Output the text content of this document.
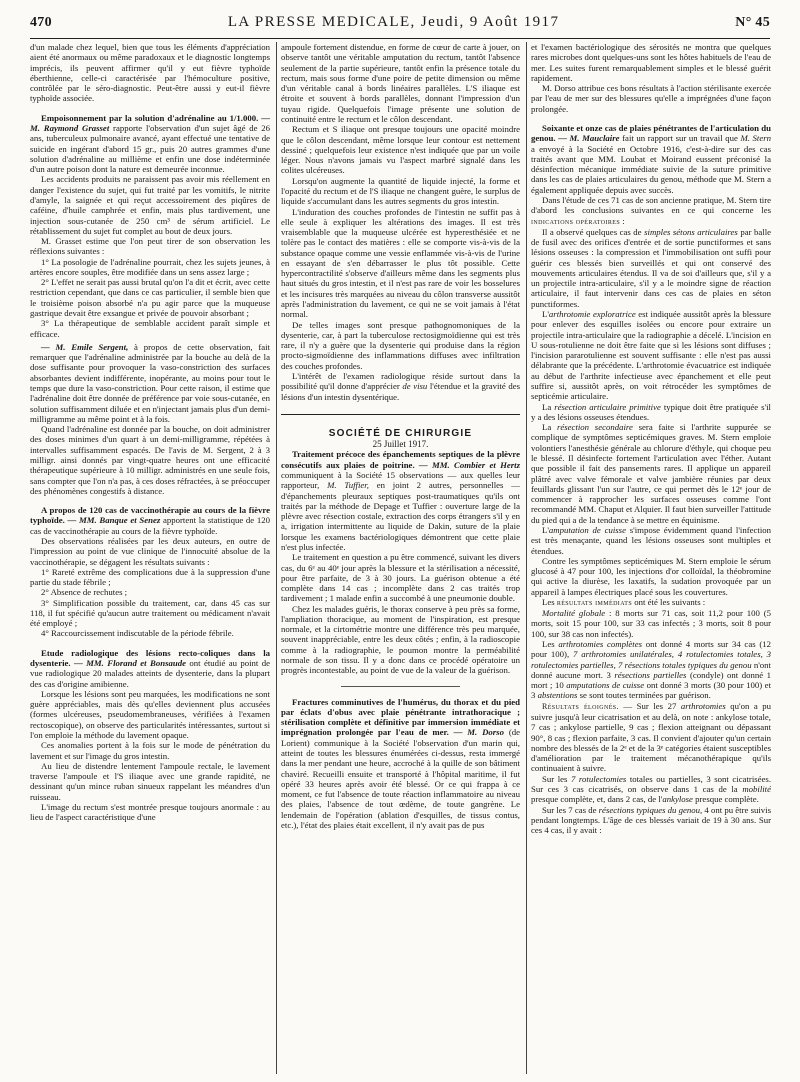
470	LA PRESSE MEDICALE, Jeudi, 9 Août 1917	N° 45

d'un malade chez lequel, bien que tous les éléments d'appréciation aient été anormaux ou même paradoxaux et le diagnostic longtemps imprécis, ils peuvent affirmer qu'il y eut fièvre typhoïde éberthienne, celle-ci caractérisée par l'hémoculture positive, contrôlée par le séro-diagnostic. Peut-être aussi y eut-il fièvre typhoïde associée.

Empoisonnement par la solution d'adrénaline au 1/1.000. — M. Raymond Grasset rapporte l'observation d'un sujet âgé de 26 ans, tuberculeux pulmonaire avancé, ayant effectué une tentative de suicide en ingérant d'abord 15 gr., puis 20 autres grammes d'une solution d'adrénaline au millième et enfin une dose indéterminée d'un autre poison dont la nature est demeurée inconnue.

Les accidents produits ne paraissent pas avoir mis réellement en danger l'existence du sujet, qui fut traité par les vomitifs, le nitrite d'amyle, la saignée et qui reçut accessoirement des piqûres de caféine, d'huile camphrée et enfin, mais plus tardivement, une injection sous-cutanée de 250 cm³ de sérum artificiel. Le rétablissement du sujet fut complet au bout de deux jours.

M. Grasset estime que l'on peut tirer de son observation les réflexions suivantes :

1° La posologie de l'adrénaline pourrait, chez les sujets jeunes, à artères encore souples, être modifiée dans un sens assez large ;

2° L'effet ne serait pas aussi brutal qu'on l'a dit et écrit, avec cette restriction cependant, que dans ce cas particulier, il semble bien que le troisième poison absorbé n'a pu agir parce que la muqueuse gastrique devait être exsangue et privée de pouvoir absorbant ;

3° La thérapeutique de semblable accident paraît simple et efficace.

— M. Emile Sergent, à propos de cette observation, fait remarquer que l'adrénaline administrée par la bouche au delà de la dose suffisante pour provoquer la vaso-constriction des surfaces absorbantes devient indifférente, inopérante, au moins pour tout le temps que dure la vaso-constriction. Pour cette raison, il estime que l'adrénaline doit être donnée de préférence par voie sous-cutanée, en solution suffisamment diluée et en n'injectant jamais plus d'un demi-milligramme au même point et à la fois.

Quand l'adrénaline est donnée par la bouche, on doit administrer des doses minimes d'un quart à un demi-milligramme, répétées à intervalles suffisamment espacés. De l'avis de M. Sergent, 2 à 3 milligr. ainsi donnés par vingt-quatre heures ont une efficacité thérapeutique supérieure à 10 milligr. administrés en une seule fois, sans compter que l'on n'a pas, à ces doses réfractées, à se préoccuper des phénomènes congestifs à distance.

A propos de 120 cas de vaccinothérapie au cours de la fièvre typhoïde. — MM. Banque et Senez apportent la statistique de 120 cas de vaccinothérapie au cours de la fièvre typhoïde.

Des observations réalisées par les deux auteurs, en outre de l'impression au point de vue clinique de l'innocuité absolue de la vaccinothérapie, se dégagent les résultats suivants :

1° Rareté extrême des complications due à la suppression d'une partie du stade fébrile ;

2° Absence de rechutes ;

3° Simplification possible du traitement, car, dans 45 cas sur 118, il fut spécifié qu'aucun autre traitement ou médicament n'avait été employé ;

4° Raccourcissement indiscutable de la période fébrile.

Etude radiologique des lésions recto-coliques dans la dysenterie. — MM. Florand et Bonsaude ont étudié au point de vue radiologique 20 malades atteints de dysenterie, dans la plupart des cas d'origine amibienne.

Lorsque les lésions sont peu marquées, les modifications ne sont guère appréciables, mais dès qu'elles deviennent plus accusées (formes ulcéreuses, pseudomembraneuses, vérifiées à l'examen rectoscopique), on observe des particularités intéressantes, surtout si l'on emploie la méthode du lavement opaque.

Ces anomalies portent à la fois sur le mode de pénétration du lavement et sur l'image du gros intestin.

Au lieu de distendre lentement l'ampoule rectale, le lavement traverse l'ampoule et l'S iliaque avec une grande rapidité, ne dessinant qu'un mince ruban sinueux rappelant les méandres d'un ruisseau.

L'image du rectum s'est montrée presque toujours anormale : au lieu de l'aspect caractéristique d'une

ampoule fortement distendue, en forme de cœur de carte à jouer, on observe tantôt une véritable amputation du rectum, tantôt l'absence seulement de la partie supérieure, tantôt enfin la présence totale du rectum, mais sous forme d'une poire de petite dimension ou même d'un véritable canal à bords linéaires parallèles. L'S iliaque est étroite et souvent à bords parallèles, donnant l'impression d'un tuyau rigide. Quelquefois l'image présente une solution de continuité entre le rectum et le côlon descendant.

Rectum et S iliaque ont presque toujours une opacité moindre que le côlon descendant, même lorsque leur contour est nettement dessiné ; quelquefois leur existence n'est indiquée que par un voile léger. Nous n'avons jamais vu l'aspect marbré signalé dans les colites ulcéreuses.

Lorsqu'on augmente la quantité de liquide injecté, la forme et l'opacité du rectum et de l'S iliaque ne changent guère, le surplus de liquide s'accumulant dans les autres segments du gros intestin.

L'induration des couches profondes de l'intestin ne suffit pas à elle seule à expliquer les altérations des images. Il est très vraisemblable que la muqueuse ulcérée est hyperesthésiée et ne tolère pas le contact des matières : elle se comporte vis-à-vis de la substance opaque comme une vessie enflammée vis-à-vis de l'urine en essayant de s'en débarrasser le plus tôt possible. Cette hypercontractilité s'observe d'ailleurs même dans les segments plus haut situés du gros intestin, et il n'est pas rare de voir les bosselures et les incisures très marquées au niveau du côlon transverse aussitôt après l'administration du lavement, ce qui ne se voit jamais à l'état normal.

De telles images sont presque pathognomoniques de la dysenterie, car, à part la tuberculose rectosigmoïdienne qui est très rare, il n'y a guère que la dysenterie qui produise dans la région procto-sigmoïdienne des inflammations diffuses avec infiltration des couches profondes.

L'intérêt de l'examen radiologique réside surtout dans la possibilité qu'il donne d'apprécier de visu l'étendue et la gravité des lésions d'un intestin dysentérique.

SOCIÉTÉ DE CHIRURGIE

25 Juillet 1917.

Traitement précoce des épanchements septiques de la plèvre consécutifs aux plaies de poitrine. — MM. Combier et Hertz communiquent à la Société 15 observations — aux quelles leur rapporteur, M. Tuffier, en joint 2 autres, personnelles — d'épanchements pleuraux septiques post-traumatiques qu'ils ont traités par la méthode de Depage et Tuffier : ouverture large de la plèvre avec résection costale, extraction des corps étrangers s'il y en a, irrigation intermittente au liquide de Dakin, suture de la plaie lorsque les examens bactériologiques démontrent que cette plaie n'est plus infectée.

Le traitement en question a pu être commencé, suivant les divers cas, du 6ᵉ au 40ᵉ jour après la blessure et la stérilisation a nécessité, pour être parfaite, de 3 à 30 jours. La guérison obtenue a été complète dans 14 cas ; incomplète dans 2 cas traités trop tardivement ; 1 malade enfin a succombé à une pneumonie double.

Chez les malades guéris, le thorax conserve à peu près sa forme, l'ampliation thoracique, au moment de l'inspiration, est presque normale, et la cirtométrie montre une différence très peu marquée, souvent inappréciable, entre les deux côtés ; enfin, à la radioscopie comme à la radiographie, le poumon montre la perméabilité normale de son tissu. Il y a donc dans ce procédé opératoire un progrès incontestable, au point de vue de la valeur de la guérison.

Fractures comminutives de l'humérus, du thorax et du pied par éclats d'obus avec plaie pénétrante intrathoracique ; stérilisation complète et définitive par immersion immédiate et imprégnation prolongée par l'eau de mer. — M. Dorso (de Lorient) communique à la Société l'observation d'un marin qui, atteint de toutes les blessures énumérées ci-dessus, resta immergé dans la mer pendant une heure, accroché à la quille de son bâtiment chaviré. Recueilli ensuite et transporté à l'hôpital maritime, il fut opéré 33 heures après avoir été blessé. Or ce qui frappa à ce moment, ce fut l'absence de toute réaction inflammatoire au niveau des plaies, l'absence de tout œdème, de toute gangrène. Le lendemain de l'opération (ablation d'esquilles, de tissus contus, etc.), l'état des plaies était excellent, il n'y avait pas de pus

et l'examen bactériologique des sérosités ne montra que quelques rares microbes dont quelques-uns sont les hôtes habituels de l'eau de mer. Les suites furent remarquablement simples et le blessé guérit rapidement.

M. Dorso attribue ces bons résultats à l'action stérilisante exercée par l'eau de mer sur des blessures qu'elle a imprégnées d'une façon prolongée.

Soixante et onze cas de plaies pénétrantes de l'articulation du genou. — M. Mauclaire fait un rapport sur un travail que M. Stern a envoyé à la Société en Octobre 1916, c'est-à-dire sur des cas traités avant que MM. Loubat et Moirand eussent préconisé la désinfection mécanique immédiate suivie de la suture primitive dans les cas de plaies articulaires du genou, méthode que M. Stern a également appliquée depuis avec succès.

Dans l'étude de ces 71 cas de son ancienne pratique, M. Stern tire d'abord les conclusions suivantes en ce qui concerne les indications opératoires :

Il a observé quelques cas de simples sétons articulaires par balle de fusil avec des orifices d'entrée et de sortie punctiformes et sans lésions osseuses : la compression et l'immobilisation ont suffi pour guérir ces blessés bien surveillés et qui ont conservé des mouvements articulaires étendus. Il va de soi d'ailleurs que, s'il y a un projectile intra-articulaire, s'il y a le moindre signe de réaction articulaire, il faut intervenir dans ces cas de plaies en séton punctiformes.

L'arthrotomie exploratrice est indiquée aussitôt après la blessure pour enlever des esquilles isolées ou encore pour extraire un projectile intra-articulaire que la radiographie a décelé. L'incision en U sous-rotulienne ne doit être faite que si les lésions sont diffuses ; l'incision pararotulienne est souvent suffisante : elle n'est pas aussi délabrante que la précédente. L'arthrotomie évacuatrice est indiquée au début de l'arthrite infectieuse avec épanchement et elle peut suffire si, aussitôt après, on voit rétrocéder les symptômes de septicémie articulaire.

La résection articulaire primitive typique doit être pratiquée s'il y a des lésions osseuses étendues.

La résection secondaire sera faite si l'arthrite suppurée se complique de symptômes septicémiques graves. M. Stern emploie volontiers l'anesthésie générale au chlorure d'éthyle, qui choque peu le blessé. Il désinfecte fortement l'articulation avec l'éther. Autant que possible il fait des pansements rares. Il applique un appareil plâtré avec valve fémorale et valve jambière réunies par deux feuillards glissant l'un sur l'autre, ce qui permet dès le 12ᵉ jour de commencer à rapprocher les surfaces osseuses comme l'ont recommandé MM. Chaput et Alquier. Il faut bien surveiller l'attitude du pied qui a de la tendance à se mettre en équinisme.

L'amputation de cuisse s'impose évidemment quand l'infection est très menaçante, quand les lésions osseuses sont multiples et étendues.

Contre les symptômes septicémiques M. Stern emploie le sérum glucosé à 47 pour 100, les injections d'or colloïdal, la théobromine qui active la diurèse, les laxatifs, la sudation provoquée par un appareil à lampes électriques placé sous les couvertures.

Les résultats immédiats ont été les suivants :

Mortalité globale : 8 morts sur 71 cas, soit 11,2 pour 100 (5 morts, soit 15 pour 100, sur 33 cas infectés ; 3 morts, soit 8 pour 100, sur 38 cas non infectés).

Les arthrotomies complètes ont donné 4 morts sur 34 cas (12 pour 100), 7 arthrotomies unilatérales, 4 rotulectomies totales, 3 rotulectomies partielles, 7 résections totales typiques du genou n'ont donné aucune mort. 3 résections partielles (condyle) ont donné 1 mort ; 10 amputations de cuisse ont donné 3 morts (30 pour 100) et 3 abstentions se sont toutes terminées par guérison.

Résultats éloignés. — Sur les 27 arthrotomies qu'on a pu suivre jusqu'à leur cicatrisation et au delà, on note : ankylose totale, 7 cas ; ankylose partielle, 9 cas ; flexion atteignant ou dépassant 90°, 8 cas ; flexion parfaite, 3 cas. Il convient d'ajouter qu'un certain nombre des blessés de la 2ᵉ et de la 3ᵉ catégories étaient susceptibles d'amélioration par le traitement mécanothérapique qu'ils continuaient à suivre.

Sur les 7 rotulectomies totales ou partielles, 3 sont cicatrisées. Sur ces 3 cas cicatrisés, on observe dans 1 cas de la mobilité presque complète, et, dans 2 cas, de l'ankylose presque complète.

Sur les 7 cas de résections typiques du genou, 4 ont pu être suivis pendant longtemps. L'âge de ces blessés variait de 19 à 30 ans. Sur ces 4 cas, il y avait :
